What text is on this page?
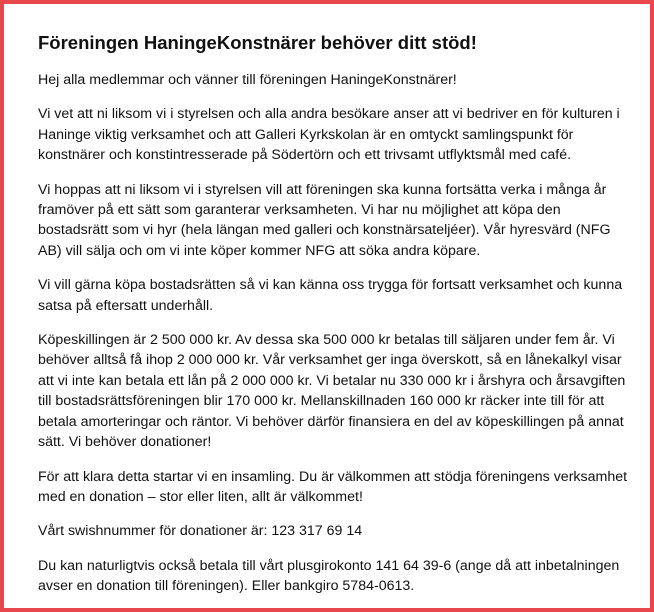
Föreningen HaningeKonstnärer behöver ditt stöd!

Hej alla medlemmar och vänner till föreningen HaningeKonstnärer!

Vi vet att ni liksom vi i styrelsen och alla andra besökare anser att vi bedriver en för kulturen i Haninge viktig verksamhet och att Galleri Kyrkskolan är en omtyckt samlingspunkt för konstnärer och konstintresserade på Södertörn och ett trivsamt utflyktsmål med café.

Vi hoppas att ni liksom vi i styrelsen vill att föreningen ska kunna fortsätta verka i många år framöver på ett sätt som garanterar verksamheten. Vi har nu möjlighet att köpa den bostadsrätt som vi hyr (hela längan med galleri och konstnärsateljéer). Vår hyresvärd (NFG AB) vill sälja och om vi inte köper kommer NFG att söka andra köpare.

Vi vill gärna köpa bostadsrätten så vi kan känna oss trygga för fortsatt verksamhet och kunna satsa på eftersatt underhåll.

Köpeskillingen är 2 500 000 kr. Av dessa ska 500 000 kr betalas till säljaren under fem år. Vi behöver alltså få ihop 2 000 000 kr. Vår verksamhet ger inga överskott, så en lånekalkyl visar att vi inte kan betala ett lån på 2 000 000 kr. Vi betalar nu 330 000 kr i årshyra och årsavgiften till bostadsrättsföreningen blir 170 000 kr. Mellanskillnaden 160 000 kr räcker inte till för att betala amorteringar och räntor. Vi behöver därför finansiera en del av köpeskillingen på annat sätt. Vi behöver donationer!

För att klara detta startar vi en insamling. Du är välkommen att stödja föreningens verksamhet med en donation – stor eller liten, allt är välkommet!

Vårt swishnummer för donationer är: 123 317 69 14

Du kan naturligtvis också betala till vårt plusgirokonto 141 64 39-6 (ange då att inbetalningen avser en donation till föreningen). Eller bankgiro 5784-0613.
